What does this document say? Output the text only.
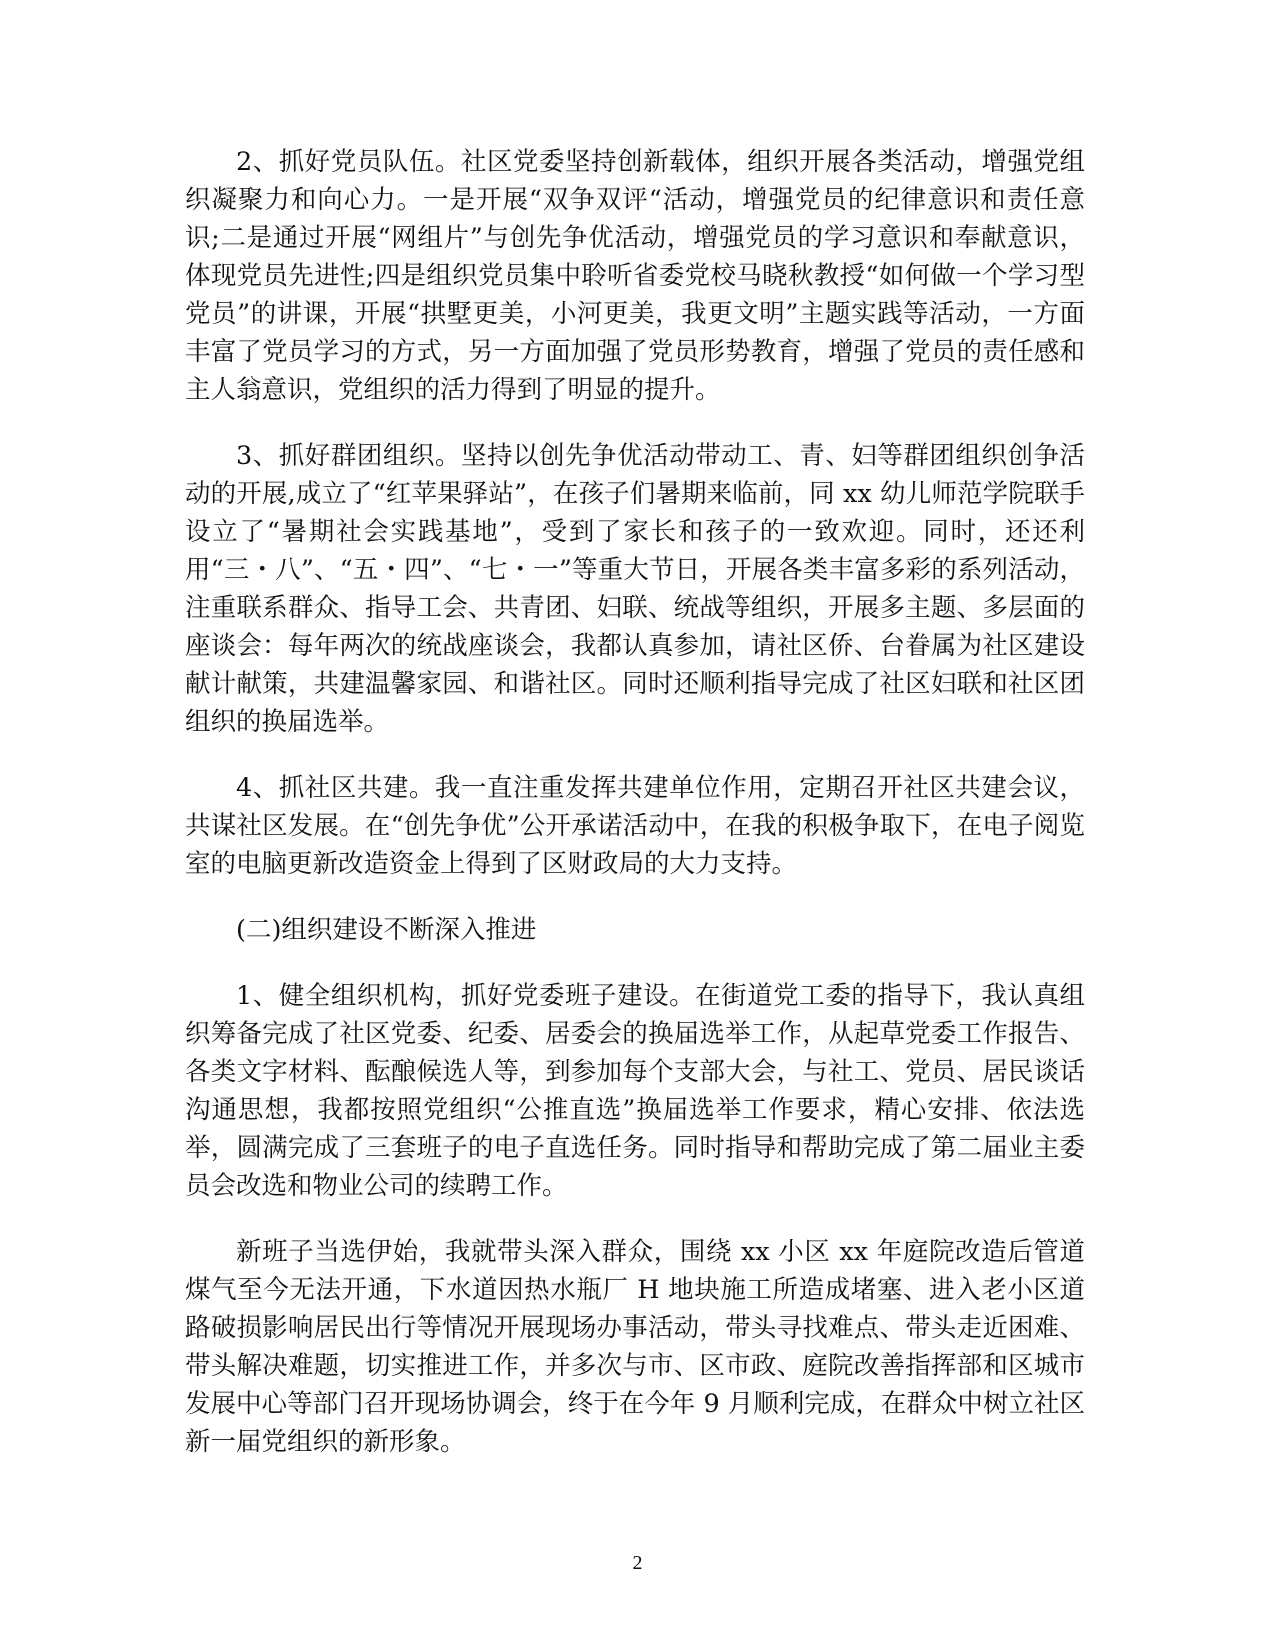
2、抓好党员队伍。社区党委坚持创新载体，组织开展各类活动，增强党组织凝聚力和向心力。一是开展“双争双评“活动，增强党员的纪律意识和责任意识;二是通过开展“网组片”与创先争优活动，增强党员的学习意识和奉献意识，体现党员先进性;四是组织党员集中聆听省委党校马晓秋教授“如何做一个学习型党员”的讲课，开展“拱墅更美，小河更美，我更文明”主题实践等活动，一方面丰富了党员学习的方式，另一方面加强了党员形势教育，增强了党员的责任感和主人翁意识，党组织的活力得到了明显的提升。

3、抓好群团组织。坚持以创先争优活动带动工、青、妇等群团组织创争活动的开展,成立了“红苹果驿站”，在孩子们暑期来临前，同 xx 幼儿师范学院联手设立了“暑期社会实践基地”，受到了家长和孩子的一致欢迎。同时，还还利用“三・八”、“五・四”、“七・一”等重大节日，开展各类丰富多彩的系列活动，注重联系群众、指导工会、共青团、妇联、统战等组织，开展多主题、多层面的座谈会：每年两次的统战座谈会，我都认真参加，请社区侨、台眷属为社区建设献计献策，共建温馨家园、和谐社区。同时还顺利指导完成了社区妇联和社区团组织的换届选举。

4、抓社区共建。我一直注重发挥共建单位作用，定期召开社区共建会议，共谋社区发展。在“创先争优”公开承诺活动中，在我的积极争取下，在电子阅览室的电脑更新改造资金上得到了区财政局的大力支持。

(二)组织建设不断深入推进

1、健全组织机构，抓好党委班子建设。在街道党工委的指导下，我认真组织筹备完成了社区党委、纪委、居委会的换届选举工作，从起草党委工作报告、各类文字材料、酝酿候选人等，到参加每个支部大会，与社工、党员、居民谈话沟通思想，我都按照党组织“公推直选”换届选举工作要求，精心安排、依法选举，圆满完成了三套班子的电子直选任务。同时指导和帮助完成了第二届业主委员会改选和物业公司的续聘工作。

新班子当选伊始，我就带头深入群众，围绕 xx 小区 xx 年庭院改造后管道煤气至今无法开通，下水道因热水瓶厂 H 地块施工所造成堵塞、进入老小区道路破损影响居民出行等情况开展现场办事活动，带头寻找难点、带头走近困难、带头解决难题，切实推进工作，并多次与市、区市政、庭院改善指挥部和区城市发展中心等部门召开现场协调会，终于在今年 9 月顺利完成，在群众中树立社区新一届党组织的新形象。

2
